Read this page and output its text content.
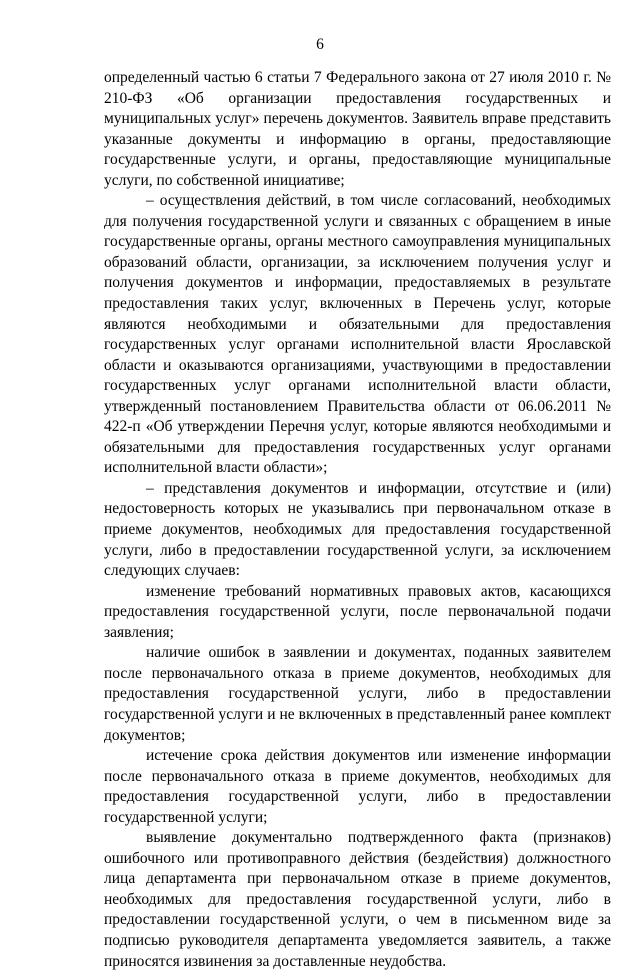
6

определенный частью 6 статьи 7 Федерального закона от 27 июля 2010 г. № 210-ФЗ «Об организации предоставления государственных и муниципальных услуг» перечень документов. Заявитель вправе представить указанные документы и информацию в органы, предоставляющие государственные услуги, и органы, предоставляющие муниципальные услуги, по собственной инициативе;

– осуществления действий, в том числе согласований, необходимых для получения государственной услуги и связанных с обращением в иные государственные органы, органы местного самоуправления муниципальных образований области, организации, за исключением получения услуг и получения документов и информации, предоставляемых в результате предоставления таких услуг, включенных в Перечень услуг, которые являются необходимыми и обязательными для предоставления государственных услуг органами исполнительной власти Ярославской области и оказываются организациями, участвующими в предоставлении государственных услуг органами исполнительной власти области, утвержденный постановлением Правительства области от 06.06.2011 № 422-п «Об утверждении Перечня услуг, которые являются необходимыми и обязательными для предоставления государственных услуг органами исполнительной власти области»;

– представления документов и информации, отсутствие и (или) недостоверность которых не указывались при первоначальном отказе в приеме документов, необходимых для предоставления государственной услуги, либо в предоставлении государственной услуги, за исключением следующих случаев:

изменение требований нормативных правовых актов, касающихся предоставления государственной услуги, после первоначальной подачи заявления;

наличие ошибок в заявлении и документах, поданных заявителем после первоначального отказа в приеме документов, необходимых для предоставления государственной услуги, либо в предоставлении государственной услуги и не включенных в представленный ранее комплект документов;

истечение срока действия документов или изменение информации после первоначального отказа в приеме документов, необходимых для предоставления государственной услуги, либо в предоставлении государственной услуги;

выявление документально подтвержденного факта (признаков) ошибочного или противоправного действия (бездействия) должностного лица департамента при первоначальном отказе в приеме документов, необходимых для предоставления государственной услуги, либо в предоставлении государственной услуги, о чем в письменном виде за подписью руководителя департамента уведомляется заявитель, а также приносятся извинения за доставленные неудобства.
